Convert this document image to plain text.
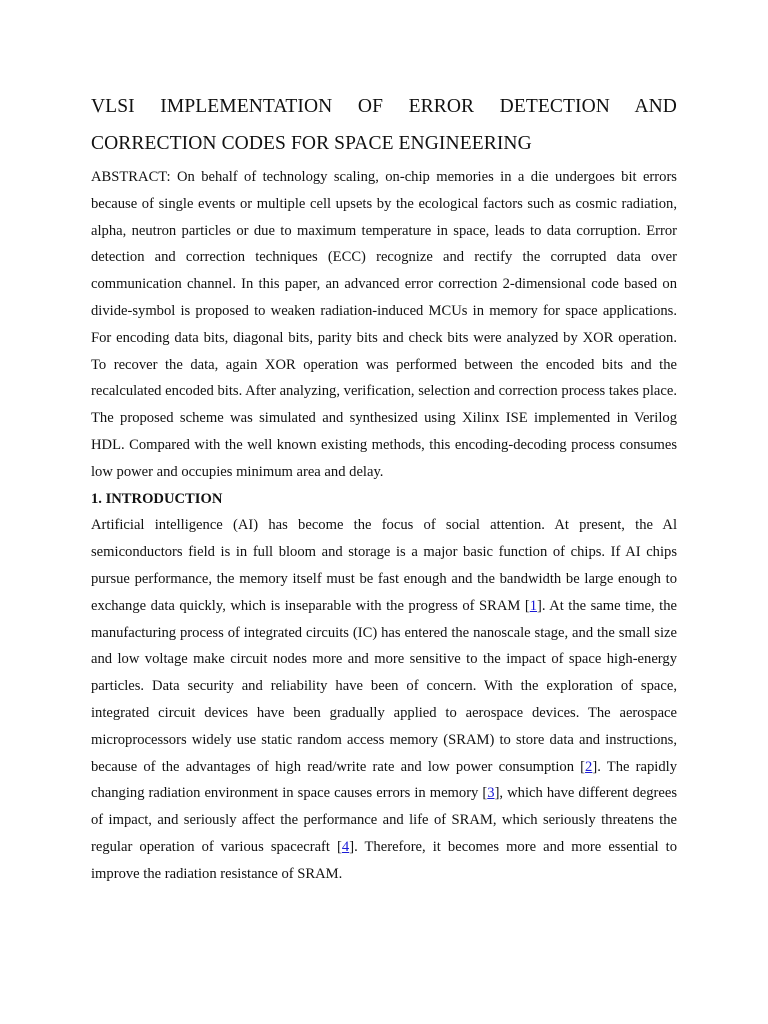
VLSI IMPLEMENTATION OF ERROR DETECTION AND CORRECTION CODES FOR SPACE ENGINEERING

ABSTRACT: On behalf of technology scaling, on-chip memories in a die undergoes bit errors because of single events or multiple cell upsets by the ecological factors such as cosmic radiation, alpha, neutron particles or due to maximum temperature in space, leads to data corruption. Error detection and correction techniques (ECC) recognize and rectify the corrupted data over communication channel. In this paper, an advanced error correction 2-dimensional code based on divide-symbol is proposed to weaken radiation-induced MCUs in memory for space applications. For encoding data bits, diagonal bits, parity bits and check bits were analyzed by XOR operation. To recover the data, again XOR operation was performed between the encoded bits and the recalculated encoded bits. After analyzing, verification, selection and correction process takes place. The proposed scheme was simulated and synthesized using Xilinx ISE implemented in Verilog HDL. Compared with the well known existing methods, this encoding-decoding process consumes low power and occupies minimum area and delay.

1. INTRODUCTION

Artificial intelligence (AI) has become the focus of social attention. At present, the Al semiconductors field is in full bloom and storage is a major basic function of chips. If AI chips pursue performance, the memory itself must be fast enough and the bandwidth be large enough to exchange data quickly, which is inseparable with the progress of SRAM [1]. At the same time, the manufacturing process of integrated circuits (IC) has entered the nanoscale stage, and the small size and low voltage make circuit nodes more and more sensitive to the impact of space high-energy particles. Data security and reliability have been of concern. With the exploration of space, integrated circuit devices have been gradually applied to aerospace devices. The aerospace microprocessors widely use static random access memory (SRAM) to store data and instructions, because of the advantages of high read/write rate and low power consumption [2]. The rapidly changing radiation environment in space causes errors in memory [3], which have different degrees of impact, and seriously affect the performance and life of SRAM, which seriously threatens the regular operation of various spacecraft [4]. Therefore, it becomes more and more essential to improve the radiation resistance of SRAM.
